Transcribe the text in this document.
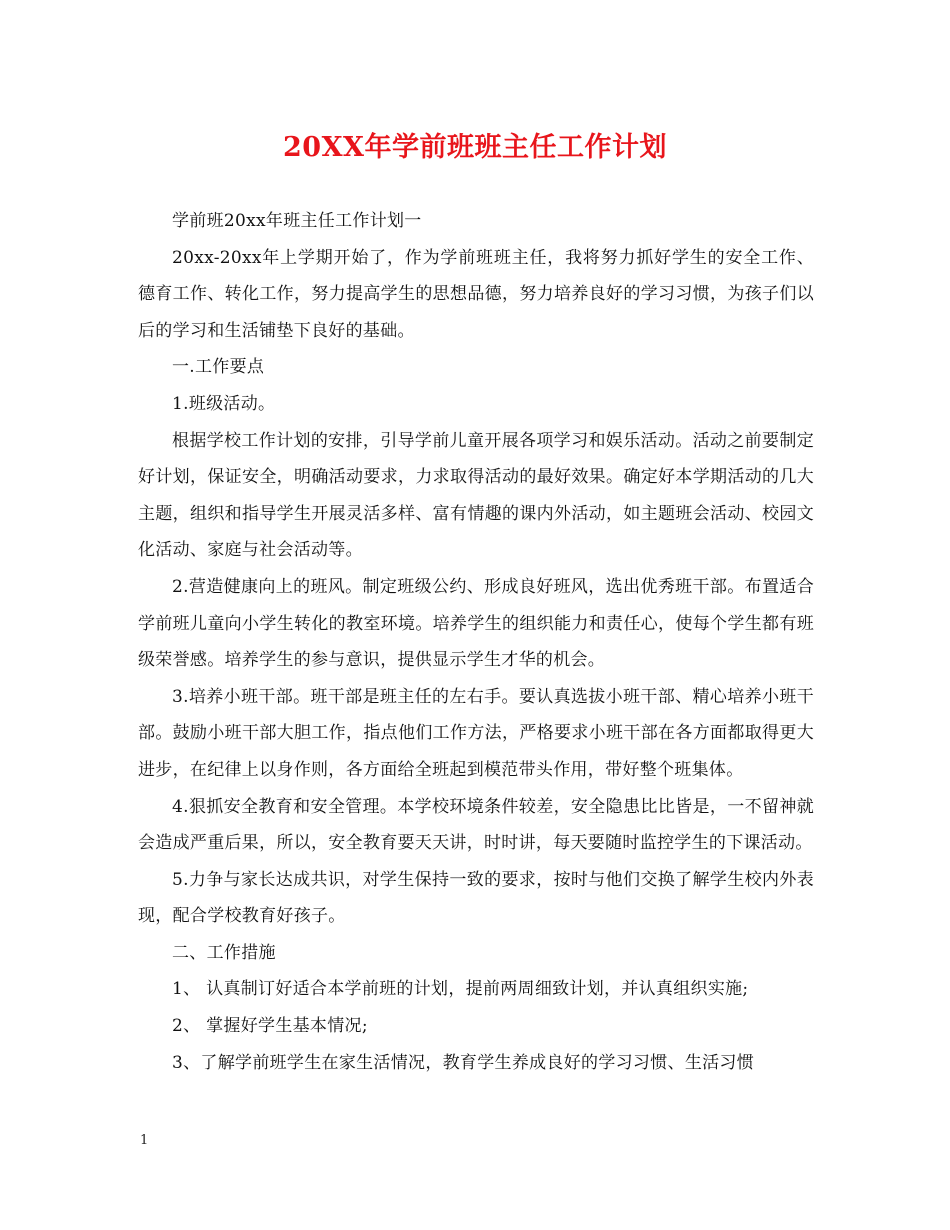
20XX年学前班班主任工作计划

学前班20xx年班主任工作计划一

20xx-20xx年上学期开始了，作为学前班班主任，我将努力抓好学生的安全工作、德育工作、转化工作，努力提高学生的思想品德，努力培养良好的学习习惯，为孩子们以后的学习和生活铺垫下良好的基础。

一.工作要点

1.班级活动。

根据学校工作计划的安排，引导学前儿童开展各项学习和娱乐活动。活动之前要制定好计划，保证安全，明确活动要求，力求取得活动的最好效果。确定好本学期活动的几大主题，组织和指导学生开展灵活多样、富有情趣的课内外活动，如主题班会活动、校园文化活动、家庭与社会活动等。

2.营造健康向上的班风。制定班级公约、形成良好班风，选出优秀班干部。布置适合学前班儿童向小学生转化的教室环境。培养学生的组织能力和责任心，使每个学生都有班级荣誉感。培养学生的参与意识，提供显示学生才华的机会。

3.培养小班干部。班干部是班主任的左右手。要认真选拔小班干部、精心培养小班干部。鼓励小班干部大胆工作，指点他们工作方法，严格要求小班干部在各方面都取得更大进步，在纪律上以身作则，各方面给全班起到模范带头作用，带好整个班集体。

4.狠抓安全教育和安全管理。本学校环境条件较差，安全隐患比比皆是，一不留神就会造成严重后果，所以，安全教育要天天讲，时时讲，每天要随时监控学生的下课活动。

5.力争与家长达成共识，对学生保持一致的要求，按时与他们交换了解学生校内外表现，配合学校教育好孩子。

二、工作措施

1、 认真制订好适合本学前班的计划，提前两周细致计划，并认真组织实施;

2、 掌握好学生基本情况;

3、了解学前班学生在家生活情况，教育学生养成良好的学习习惯、生活习惯

1
